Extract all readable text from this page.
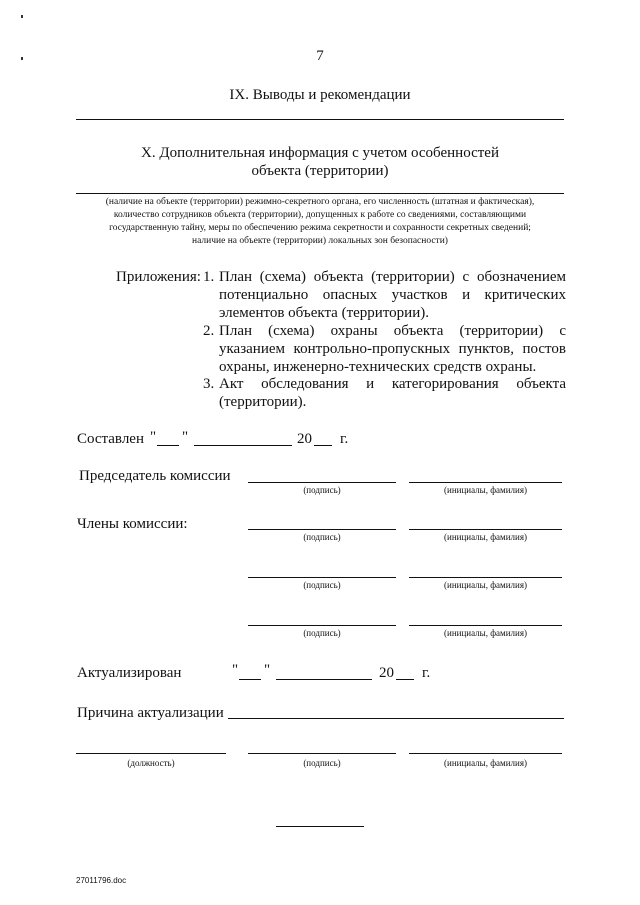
7
IX. Выводы и рекомендации
X. Дополнительная информация с учетом особенностей
объекта (территории)
(наличие на объекте (территории) режимно-секретного органа, его численность (штатная и фактическая),
количество сотрудников объекта (территории), допущенных к работе со сведениями, составляющими
государственную тайну, меры по обеспечению режима секретности и сохранности секретных сведений;
наличие на объекте (территории) локальных зон безопасности)
Приложения: 1. План (схема) объекта (территории) с обозначением потенциально опасных участков и критических элементов объекта (территории).
2. План (схема) охраны объекта (территории) с указанием контрольно-пропускных пунктов, постов охраны, инженерно-технических средств охраны.
3. Акт обследования и категорирования объекта (территории).
Составлен " "	20 г.
Председатель комиссии
(подпись)	(инициалы, фамилия)
Члены комиссии:
(подпись)	(инициалы, фамилия)
(подпись)	(инициалы, фамилия)
(подпись)	(инициалы, фамилия)
Актуализирован	" "	20 г.
Причина актуализации
(должность)	(подпись)	(инициалы, фамилия)
27011796.doc
